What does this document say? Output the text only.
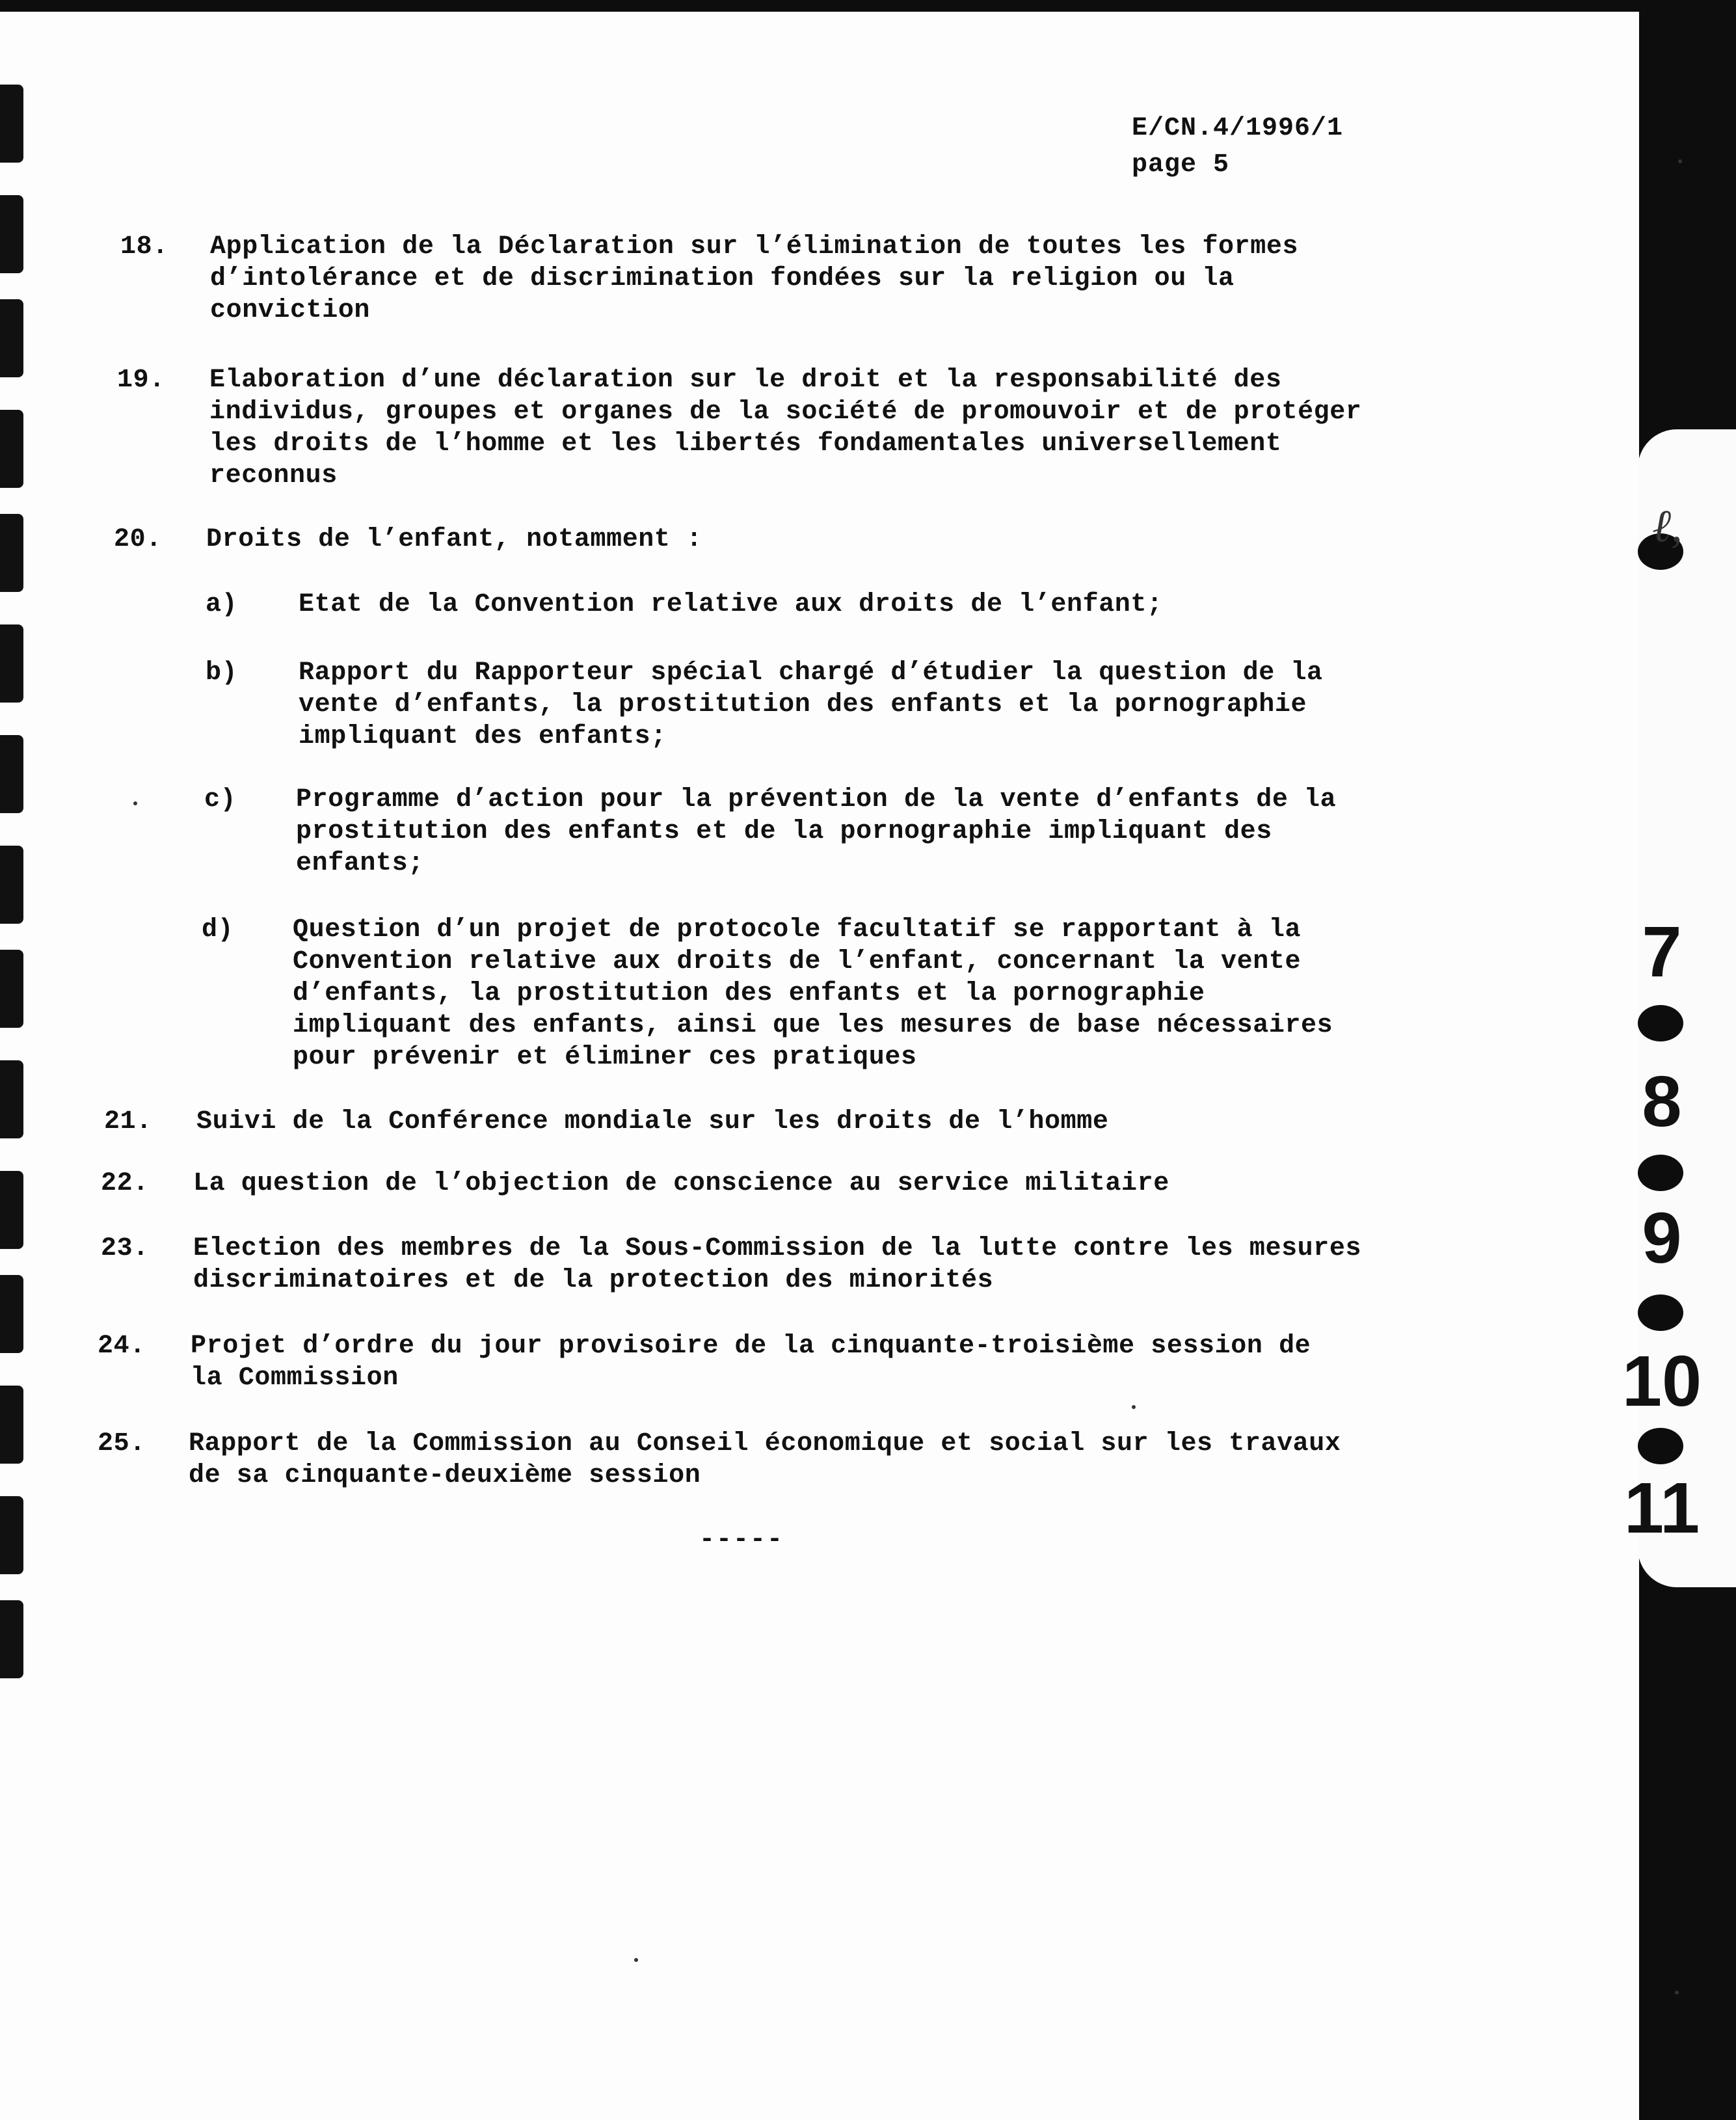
ℓ,
7
8
9
10
11
E/CN.4/1996/1
page 5
18. Application de la Déclaration sur l’élimination de toutes les formes
d’intolérance et de discrimination fondées sur la religion ou la
conviction
19. Elaboration d’une déclaration sur le droit et la responsabilité des
individus, groupes et organes de la société de promouvoir et de protéger
les droits de l’homme et les libertés fondamentales universellement
reconnus
20. Droits de l’enfant, notamment :
a) Etat de la Convention relative aux droits de l’enfant;
b) Rapport du Rapporteur spécial chargé d’étudier la question de la
vente d’enfants, la prostitution des enfants et la pornographie
impliquant des enfants;
c) Programme d’action pour la prévention de la vente d’enfants de la
prostitution des enfants et de la pornographie impliquant des
enfants;
d) Question d’un projet de protocole facultatif se rapportant à la
Convention relative aux droits de l’enfant, concernant la vente
d’enfants, la prostitution des enfants et la pornographie
impliquant des enfants, ainsi que les mesures de base nécessaires
pour prévenir et éliminer ces pratiques
21. Suivi de la Conférence mondiale sur les droits de l’homme
22. La question de l’objection de conscience au service militaire
23. Election des membres de la Sous-Commission de la lutte contre les mesures
discriminatoires et de la protection des minorités
24. Projet d’ordre du jour provisoire de la cinquante-troisième session de
la Commission
25. Rapport de la Commission au Conseil économique et social sur les travaux
de sa cinquante-deuxième session
-----
